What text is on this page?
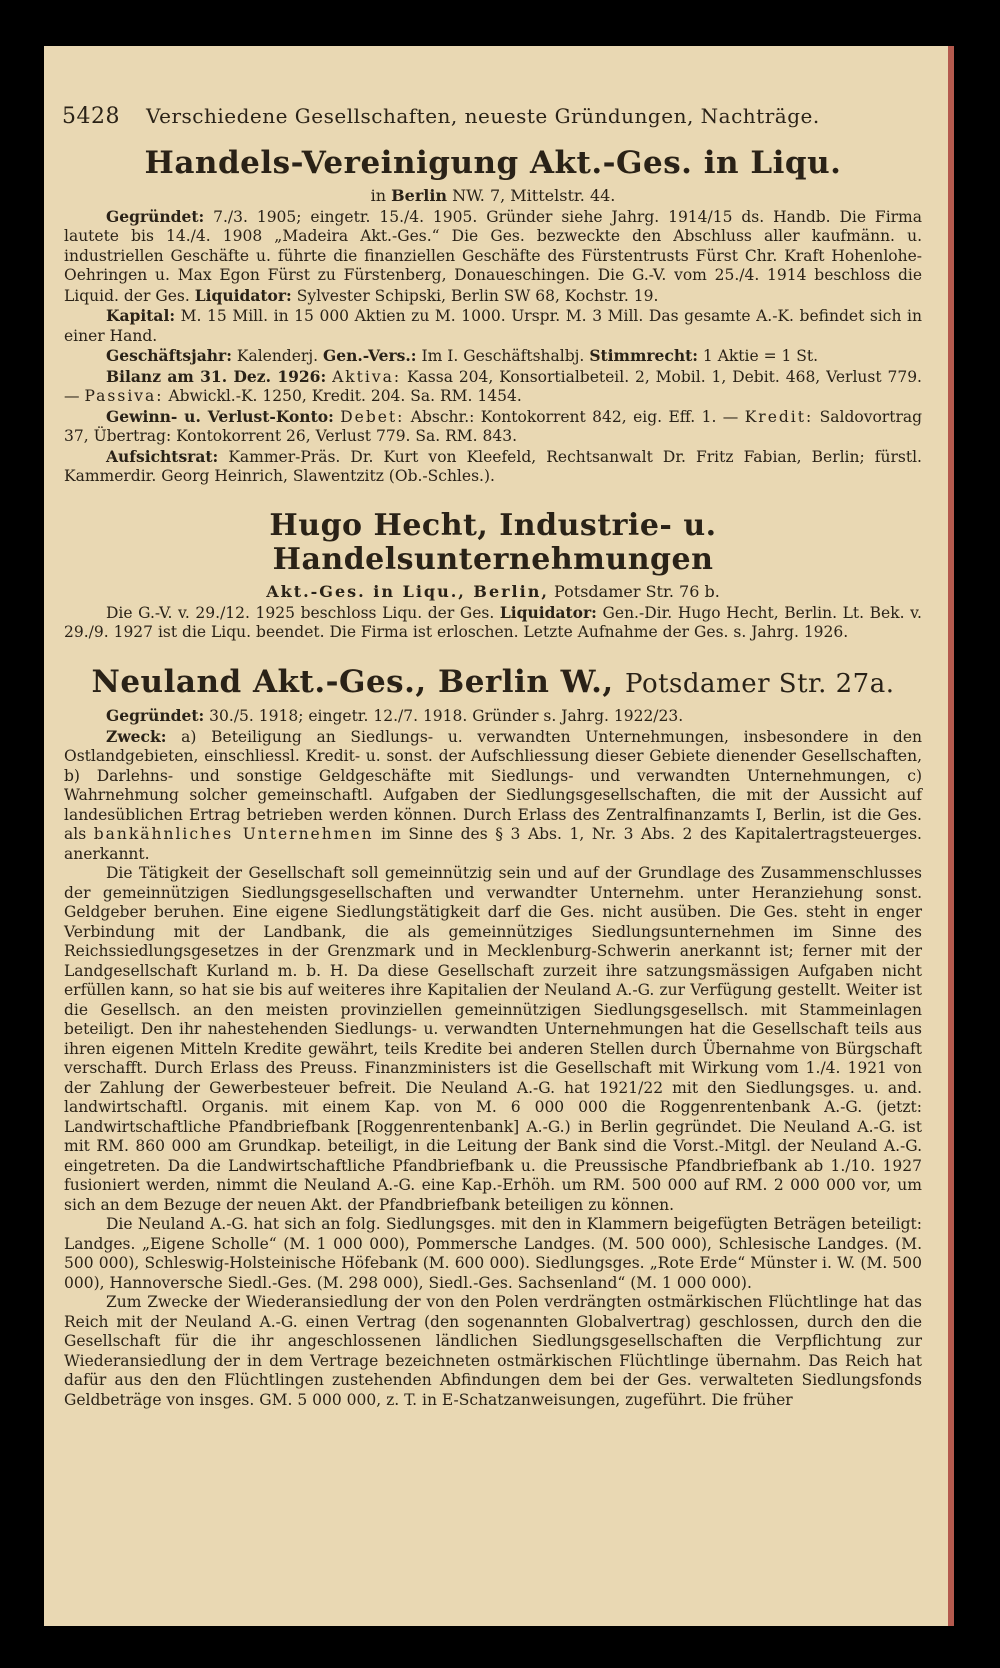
5428 Verschiedene Gesellschaften, neueste Gründungen, Nachträge.
Handels-Vereinigung Akt.-Ges. in Liqu.
in Berlin NW. 7, Mittelstr. 44.

Gegründet: 7./3. 1905; eingetr. 15./4. 1905. Gründer siehe Jahrg. 1914/15 ds. Handb. Die Firma lautete bis 14./4. 1908 „Madeira Akt.-Ges.“ Die Ges. bezweckte den Abschluss aller kaufmänn. u. industriellen Geschäfte u. führte die finanziellen Geschäfte des Fürstentrusts Fürst Chr. Kraft Hohenlohe-Oehringen u. Max Egon Fürst zu Fürstenberg, Donaueschingen. Die G.-V. vom 25./4. 1914 beschloss die Liquid. der Ges. Liquidator: Sylvester Schipski, Berlin SW 68, Kochstr. 19.

Kapital: M. 15 Mill. in 15 000 Aktien zu M. 1000. Urspr. M. 3 Mill. Das gesamte A.-K. befindet sich in einer Hand.

Geschäftsjahr: Kalenderj. Gen.-Vers.: Im I. Geschäftshalbj. Stimmrecht: 1 Aktie = 1 St.

Bilanz am 31. Dez. 1926: Aktiva: Kassa 204, Konsortialbeteil. 2, Mobil. 1, Debit. 468, Verlust 779. — Passiva: Abwickl.-K. 1250, Kredit. 204. Sa. RM. 1454.

Gewinn- u. Verlust-Konto: Debet: Abschr.: Kontokorrent 842, eig. Eff. 1. — Kredit: Saldovortrag 37, Übertrag: Kontokorrent 26, Verlust 779. Sa. RM. 843.

Aufsichtsrat: Kammer-Präs. Dr. Kurt von Kleefeld, Rechtsanwalt Dr. Fritz Fabian, Berlin; fürstl. Kammerdir. Georg Heinrich, Slawentzitz (Ob.-Schles.).

Hugo Hecht, Industrie- u. Handelsunternehmungen
Akt.-Ges. in Liqu., Berlin, Potsdamer Str. 76 b.

Die G.-V. v. 29./12. 1925 beschloss Liqu. der Ges. Liquidator: Gen.-Dir. Hugo Hecht, Berlin. Lt. Bek. v. 29./9. 1927 ist die Liqu. beendet. Die Firma ist erloschen. Letzte Aufnahme der Ges. s. Jahrg. 1926.

Neuland Akt.-Ges., Berlin W., Potsdamer Str. 27a.

Gegründet: 30./5. 1918; eingetr. 12./7. 1918. Gründer s. Jahrg. 1922/23.

Zweck: a) Beteiligung an Siedlungs- u. verwandten Unternehmungen, insbesondere in den Ostlandgebieten, einschliessl. Kredit- u. sonst. der Aufschliessung dieser Gebiete dienender Gesellschaften, b) Darlehns- und sonstige Geldgeschäfte mit Siedlungs- und verwandten Unternehmungen, c) Wahrnehmung solcher gemeinschaftl. Aufgaben der Siedlungsgesellschaften, die mit der Aussicht auf landesüblichen Ertrag betrieben werden können. Durch Erlass des Zentralfinanzamts I, Berlin, ist die Ges. als bankähnliches Unternehmen im Sinne des § 3 Abs. 1, Nr. 3 Abs. 2 des Kapitalertragsteuerges. anerkannt.

Die Tätigkeit der Gesellschaft soll gemeinnützig sein und auf der Grundlage des Zusammenschlusses der gemeinnützigen Siedlungsgesellschaften und verwandter Unternehm. unter Heranziehung sonst. Geldgeber beruhen. Eine eigene Siedlungstätigkeit darf die Ges. nicht ausüben. Die Ges. steht in enger Verbindung mit der Landbank, die als gemeinnütziges Siedlungsunternehmen im Sinne des Reichssiedlungsgesetzes in der Grenzmark und in Mecklenburg-Schwerin anerkannt ist; ferner mit der Landgesellschaft Kurland m. b. H. Da diese Gesellschaft zurzeit ihre satzungsmässigen Aufgaben nicht erfüllen kann, so hat sie bis auf weiteres ihre Kapitalien der Neuland A.-G. zur Verfügung gestellt. Weiter ist die Gesellsch. an den meisten provinziellen gemeinnützigen Siedlungsgesellsch. mit Stammeinlagen beteiligt. Den ihr nahestehenden Siedlungs- u. verwandten Unternehmungen hat die Gesellschaft teils aus ihren eigenen Mitteln Kredite gewährt, teils Kredite bei anderen Stellen durch Übernahme von Bürgschaft verschafft. Durch Erlass des Preuss. Finanzministers ist die Gesellschaft mit Wirkung vom 1./4. 1921 von der Zahlung der Gewerbesteuer befreit. Die Neuland A.-G. hat 1921/22 mit den Siedlungsges. u. and. landwirtschaftl. Organis. mit einem Kap. von M. 6 000 000 die Roggenrentenbank A.-G. (jetzt: Landwirtschaftliche Pfandbriefbank [Roggenrentenbank] A.-G.) in Berlin gegründet. Die Neuland A.-G. ist mit RM. 860 000 am Grundkap. beteiligt, in die Leitung der Bank sind die Vorst.-Mitgl. der Neuland A.-G. eingetreten. Da die Landwirtschaftliche Pfandbriefbank u. die Preussische Pfandbriefbank ab 1./10. 1927 fusioniert werden, nimmt die Neuland A.-G. eine Kap.-Erhöh. um RM. 500 000 auf RM. 2 000 000 vor, um sich an dem Bezuge der neuen Akt. der Pfandbriefbank beteiligen zu können.

Die Neuland A.-G. hat sich an folg. Siedlungsges. mit den in Klammern beigefügten Beträgen beteiligt: Landges. „Eigene Scholle“ (M. 1 000 000), Pommersche Landges. (M. 500 000), Schlesische Landges. (M. 500 000), Schleswig-Holsteinische Höfebank (M. 600 000). Siedlungsges. „Rote Erde“ Münster i. W. (M. 500 000), Hannoversche Siedl.-Ges. (M. 298 000), Siedl.-Ges. Sachsenland“ (M. 1 000 000).

Zum Zwecke der Wiederansiedlung der von den Polen verdrängten ostmärkischen Flüchtlinge hat das Reich mit der Neuland A.-G. einen Vertrag (den sogenannten Globalvertrag) geschlossen, durch den die Gesellschaft für die ihr angeschlossenen ländlichen Siedlungsgesellschaften die Verpflichtung zur Wiederansiedlung der in dem Vertrage bezeichneten ostmärkischen Flüchtlinge übernahm. Das Reich hat dafür aus den den Flüchtlingen zustehenden Abfindungen dem bei der Ges. verwalteten Siedlungsfonds Geldbeträge von insges. GM. 5 000 000, z. T. in E-Schatzanweisungen, zugeführt. Die früher
